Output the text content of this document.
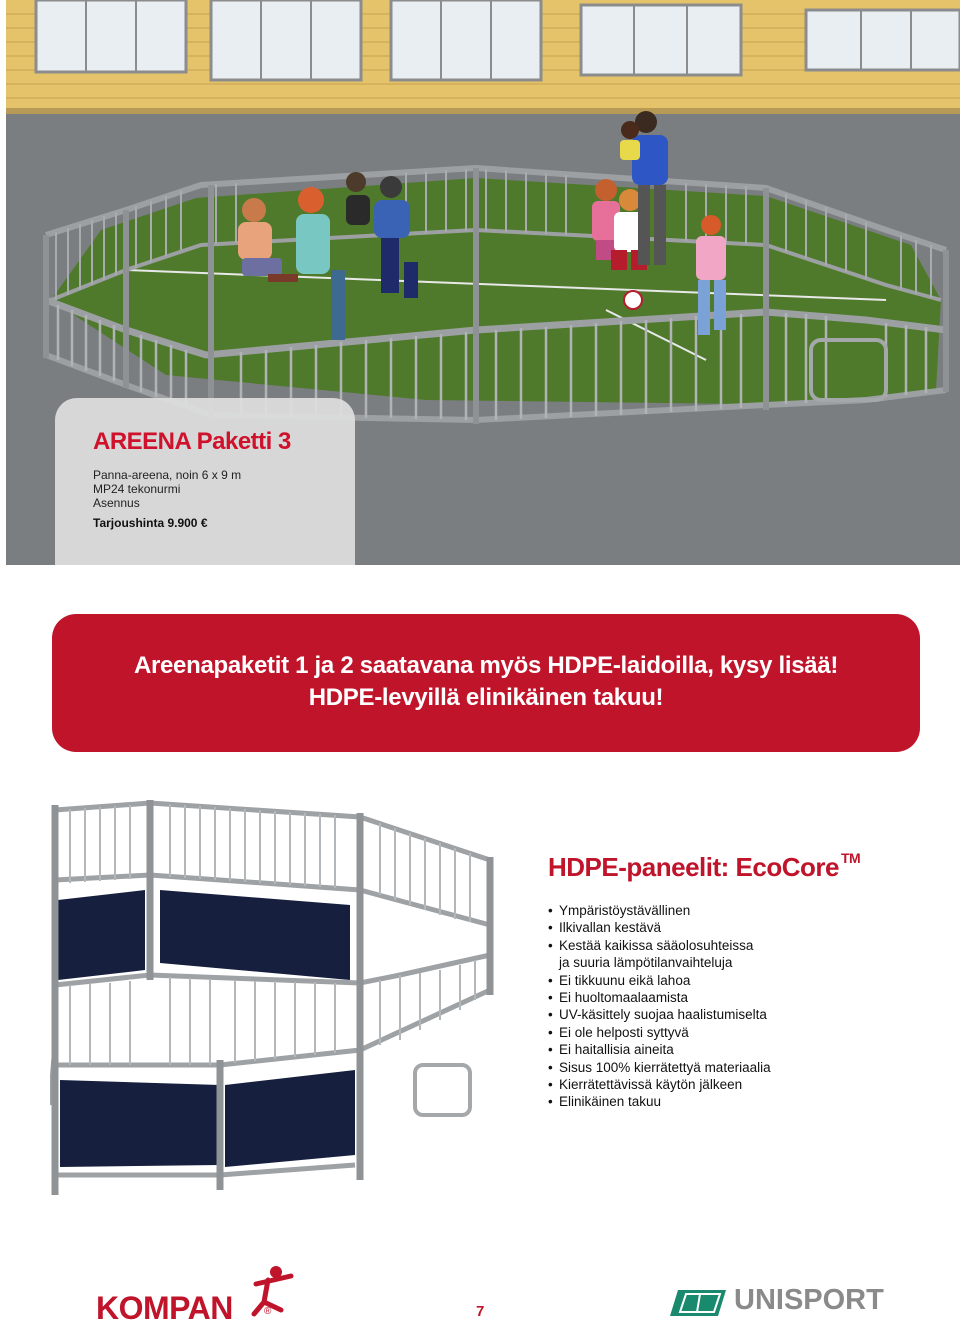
AREENA Paketti 3
Panna-areena, noin 6 x 9 m
MP24 tekonurmi
Asennus
Tarjoushinta 9.900 €
Areenapaketit 1 ja 2 saatavana myös HDPE-laidoilla, kysy lisää!
HDPE-levyillä elinikäinen takuu!
HDPE-paneelit: EcoCore ™
• Ympäristöystävällinen
• Ilkivallan kestävä
• Kestää kaikissa sääolosuhteissa
ja suuria lämpötilanvaihteluja
• Ei tikkuunu eikä lahoa
• Ei huoltomaalaamista
• UV-käsittely suojaa haalistumiselta
• Ei ole helposti syttyvä
• Ei haitallisia aineita
• Sisus 100% kierrätettyä materiaalia
• Kierrätettävissä käytön jälkeen
• Elinikäinen takuu
KOMPAN	®	7	UNISPORT
